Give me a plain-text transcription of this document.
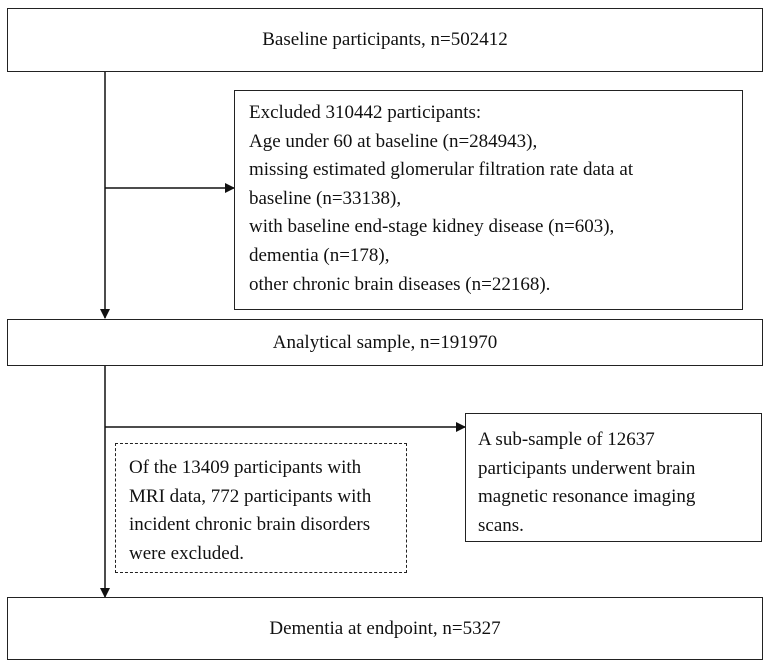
Baseline participants, n=502412
Excluded 310442 participants:
Age under 60 at baseline (n=284943),
missing estimated glomerular filtration rate data at
baseline (n=33138),
with baseline end-stage kidney disease (n=603),
dementia (n=178),
other chronic brain diseases (n=22168).
Analytical sample, n=191970
A sub-sample of 12637
participants underwent brain
magnetic resonance imaging
scans.
Of the 13409 participants with
MRI data, 772 participants with
incident chronic brain disorders
were excluded.
Dementia at endpoint, n=5327
